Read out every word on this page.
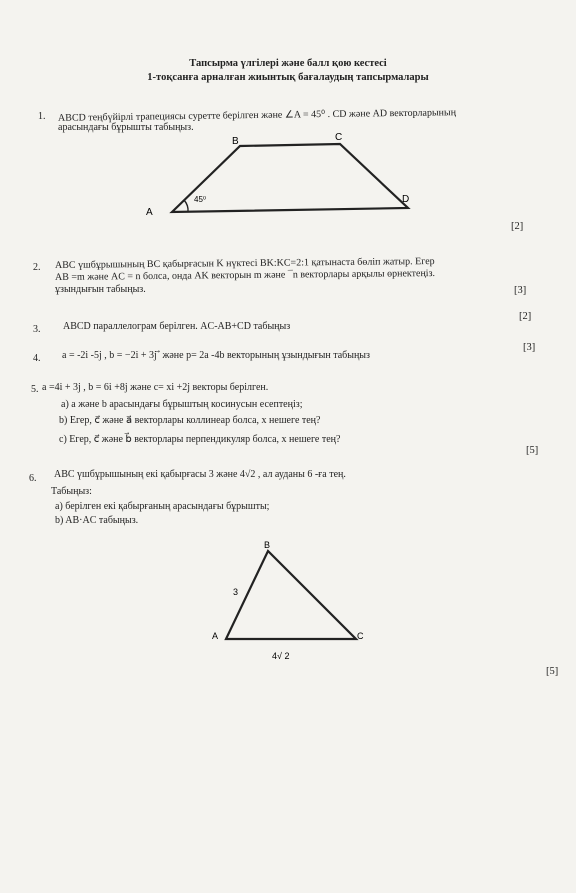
Тапсырма үлгілері және балл қою кестесі
1-тоқсанға арналған жиынтық бағалаудың тапсырмалары
1. ABCD теңбүйірлі трапециясы суретте берілген және ∠A = 45⁰ . CD және AD векторларының
арасындағы бұрышты табыңыз.
B	C
A
D
45⁰
[2]
2. ABC үшбұрышының BC қабырғасын K нүктесі BK:KC=2:1 қатынаста бөліп жатыр. Егер
AB =m және AC = n болса, онда AK векторын m және ¯n векторлары арқылы өрнектеңіз.
ұзындығын табыңыз.	[3]
3. ABCD параллелограм берілген. AC-AB+CD табыңыз
[2]
4. a = -2i -5j , b = −2i + 3j ⃗ және p= 2a -4b векторының ұзындығын табыңыз
[3]
5. a =4i + 3j , b = 6i +8j және c= xi +2j векторы берілген.
a) a және b арасындағы бұрыштың косинусын есептеңіз;
b) Егер, c⃗ және a⃗ векторлары коллинеар болса, x нешеге тең?
c) Егер, c⃗ және b⃗ векторлары перпендикуляр болса, x нешеге тең?
[5]
6. ABC үшбұрышының екі қабырғасы 3 және 4√2 , ал ауданы 6 -ға тең.
Табыңыз:
a) берілген екі қабырғаның арасындағы бұрышты;
b) AB·AC табыңыз.
B
A	C
3
4√ 2
[5]
